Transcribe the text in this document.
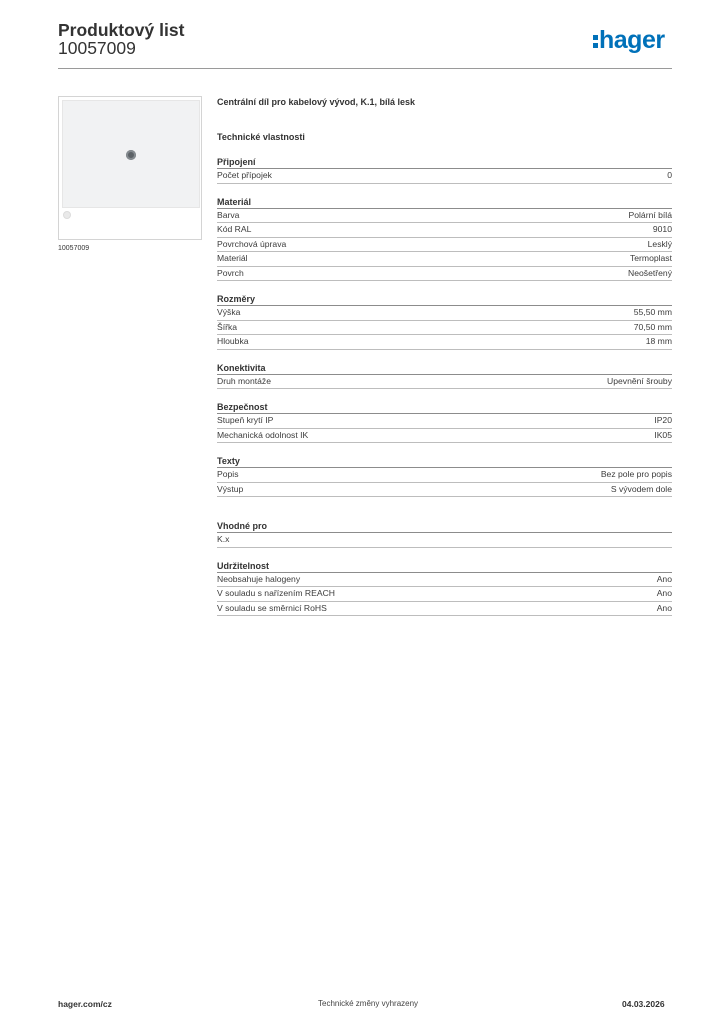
Produktový list
10057009	hager
10057009
Centrální díl pro kabelový vývod, K.1, bílá lesk
Technické vlastnosti
Připojení
Počet přípojek	0
Materiál
Barva	Polární bílá
Kód RAL	9010
Povrchová úprava	Lesklý
Materiál	Termoplast
Povrch	Neošetřený
Rozměry
Výška	55,50 mm
Šířka	70,50 mm
Hloubka	18 mm
Konektivita
Druh montáže	Upevnění šrouby
Bezpečnost
Stupeň krytí IP	IP20
Mechanická odolnost IK	IK05
Texty
Popis	Bez pole pro popis
Výstup	S vývodem dole
Vhodné pro
K.x
Udržitelnost
Neobsahuje halogeny	Ano
V souladu s nařízením REACH	Ano
V souladu se směrnicí RoHS	Ano
hager.com/cz	Technické změny vyhrazeny	04.03.2026
